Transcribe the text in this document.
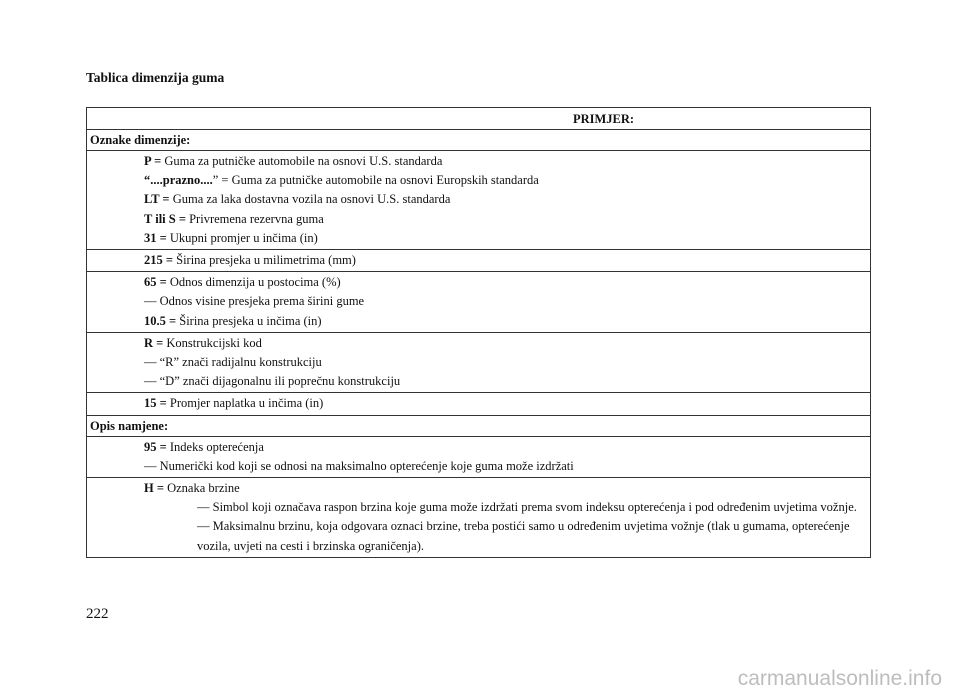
Tablica dimenzija guma
PRIMJER:
Oznake dimenzije:
P = Guma za putničke automobile na osnovi U.S. standarda
“....prazno....” = Guma za putničke automobile na osnovi Europskih standarda
LT = Guma za laka dostavna vozila na osnovi U.S. standarda
T ili S = Privremena rezervna guma
31 = Ukupni promjer u inčima (in)
215 = Širina presjeka u milimetrima (mm)
65 = Odnos dimenzija u postocima (%)
— Odnos visine presjeka prema širini gume
10.5 = Širina presjeka u inčima (in)
R = Konstrukcijski kod
— “R” znači radijalnu konstrukciju
— “D” znači dijagonalnu ili poprečnu konstrukciju
15 = Promjer naplatka u inčima (in)
Opis namjene:
95 = Indeks opterećenja
— Numerički kod koji se odnosi na maksimalno opterećenje koje guma može izdržati
H = Oznaka brzine
— Simbol koji označava raspon brzina koje guma može izdržati prema svom indeksu opterećenja i pod određenim uvjetima vožnje.
— Maksimalnu brzinu, koja odgovara oznaci brzine, treba postići samo u određenim uvjetima vožnje (tlak u gumama, opterećenje vozila, uvjeti na cesti i brzinska ograničenja).
222
carmanualsonline.info
